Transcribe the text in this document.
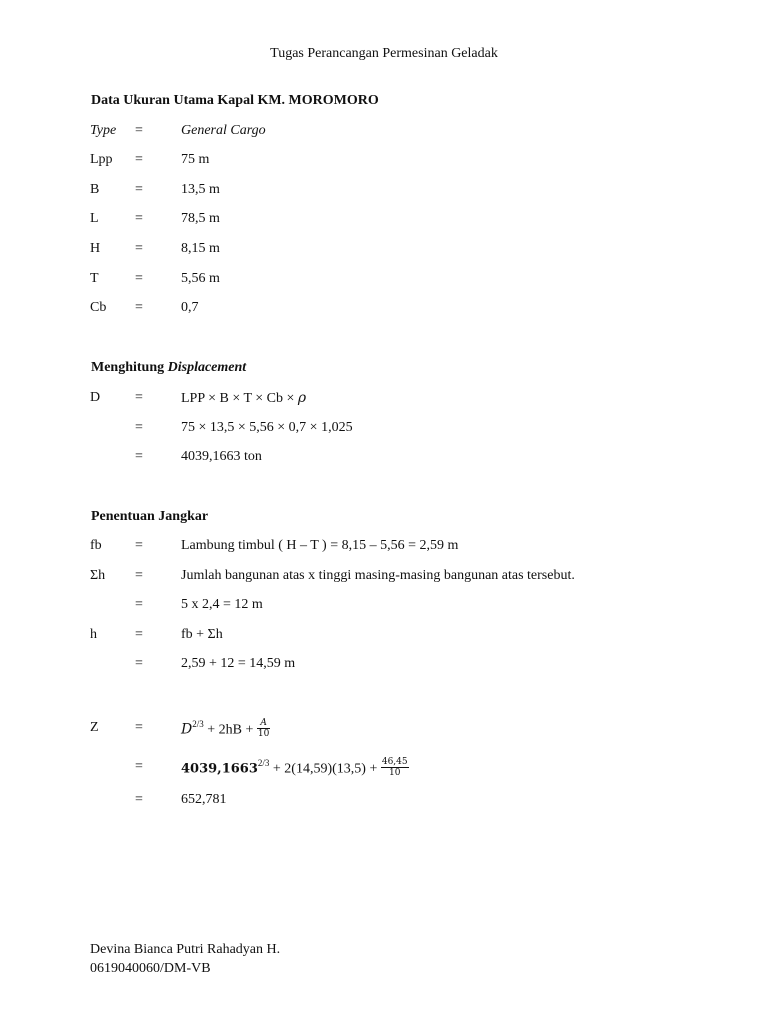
Tugas Perancangan Permesinan Geladak
Data Ukuran Utama Kapal KM. MOROMORO
Type =	General Cargo
Lpp =	75 m
B	=	13,5 m
L	=	78,5 m
H =	8,15 m
T	=	5,56 m
Cb =	0,7
Menghitung Displacement
D =	LPP × B × T × Cb × ρ
=	75 × 13,5 × 5,56 × 0,7 × 1,025
=	4039,1663 ton
Penentuan Jangkar
fb =	Lambung timbul ( H – T ) = 8,15 – 5,56 = 2,59 m
Σh =	Jumlah bangunan atas x tinggi masing-masing bangunan atas tersebut.
=	5 x 2,4 = 12 m
h	=	fb + Σh
=	2,59 + 12 = 14,59 m
Z	=	$D^{2/3} + 2hB + \frac{A}{10}$
=	$4039,1663^{2/3} + 2(14,59)(13,5) + \frac{46,45}{10}$
=	652,781
Devina Bianca Putri Rahadyan H.
0619040060/DM-VB
